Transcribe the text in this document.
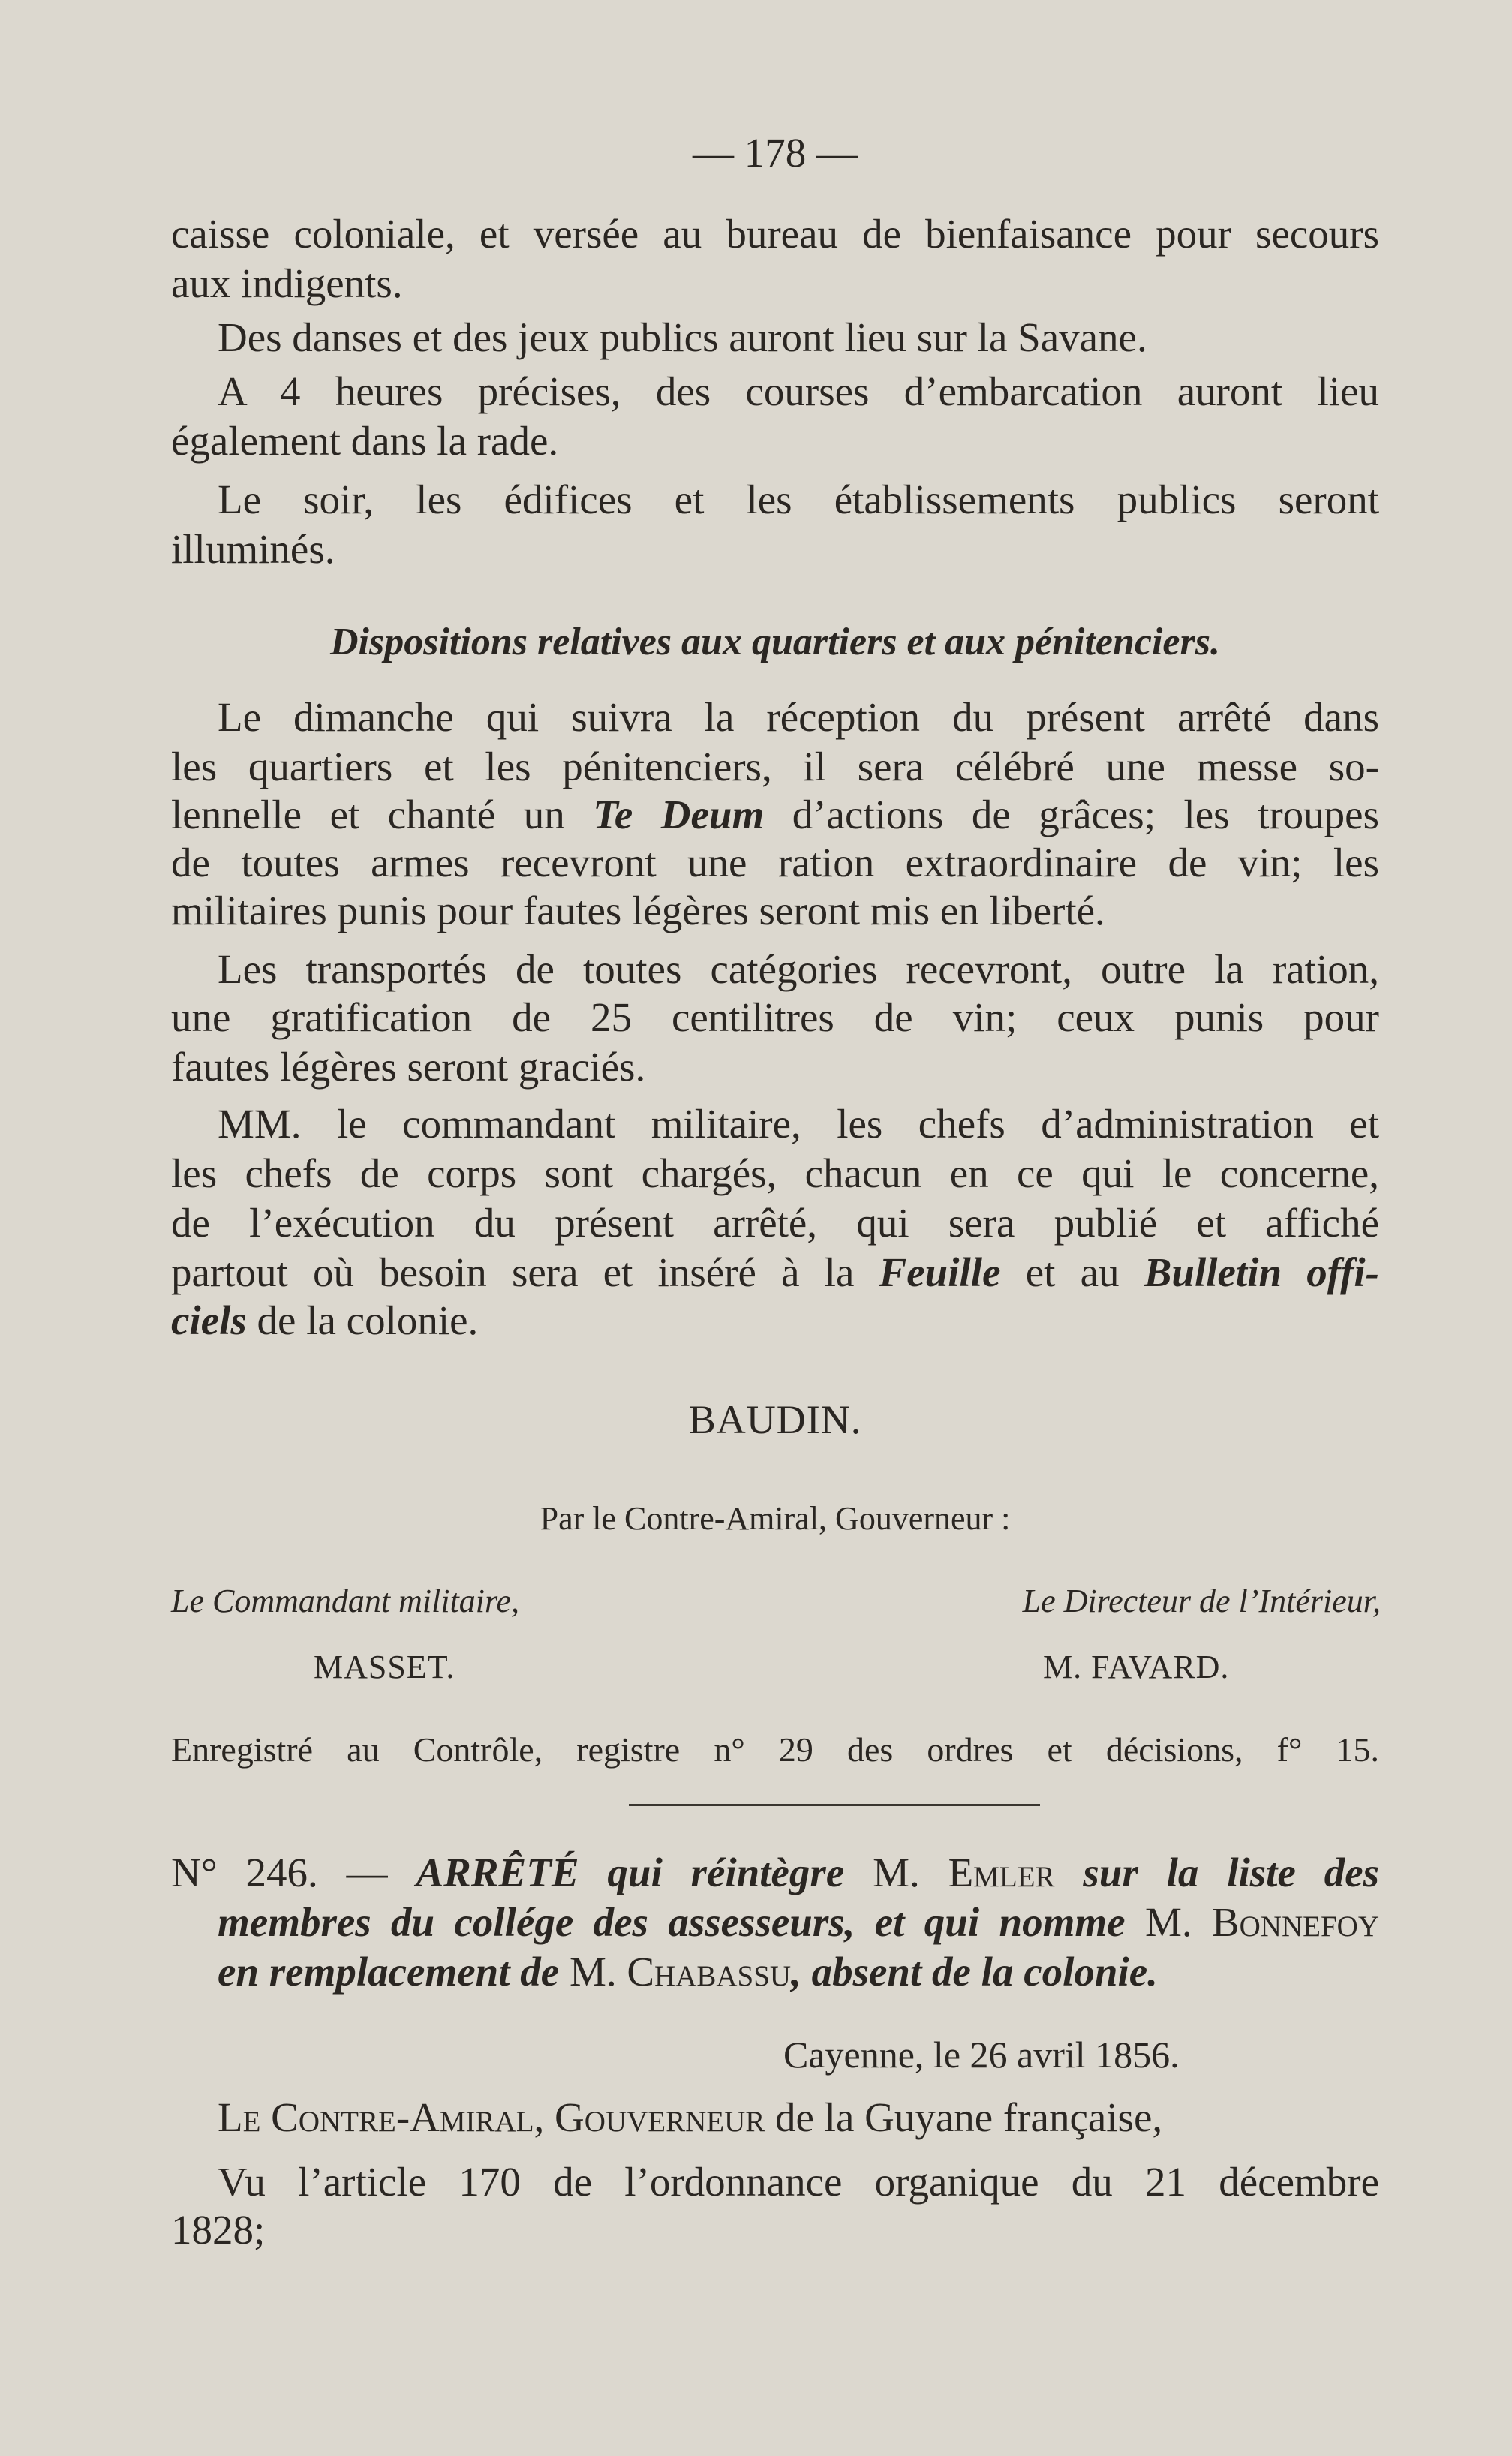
— 178 —
caisse coloniale, et versée au bureau de bienfaisance pour secours
aux indigents.
Des danses et des jeux publics auront lieu sur la Savane.
A 4 heures précises, des courses d’embarcation auront lieu
également dans la rade.
Le soir, les édifices et les établissements publics seront
illuminés.
Dispositions relatives aux quartiers et aux pénitenciers.
Le dimanche qui suivra la réception du présent arrêté dans
les quartiers et les pénitenciers, il sera célébré une messe so-
lennelle et chanté un Te Deum d’actions de grâces; les troupes
de toutes armes recevront une ration extraordinaire de vin; les
militaires punis pour fautes légères seront mis en liberté.
Les transportés de toutes catégories recevront, outre la ration,
une gratification de 25 centilitres de vin; ceux punis pour
fautes légères seront graciés.
MM. le commandant militaire, les chefs d’administration et
les chefs de corps sont chargés, chacun en ce qui le concerne,
de l’exécution du présent arrêté, qui sera publié et affiché
partout où besoin sera et inséré à la Feuille et au Bulletin offi-
ciels de la colonie.
BAUDIN.
Par le Contre-Amiral, Gouverneur :
Le Commandant militaire,	Le Directeur de l’Intérieur,
MASSET.	M. FAVARD.
Enregistré au Contrôle, registre n° 29 des ordres et décisions, f° 15.
N° 246. — ARRÊTÉ qui réintègre M. Emler sur la liste des
membres du collége des assesseurs, et qui nomme M. Bonnefoy
en remplacement de M. Chabassu, absent de la colonie.
Cayenne, le 26 avril 1856.
Le Contre-Amiral, Gouverneur de la Guyane française,
Vu l’article 170 de l’ordonnance organique du 21 décembre
1828;
